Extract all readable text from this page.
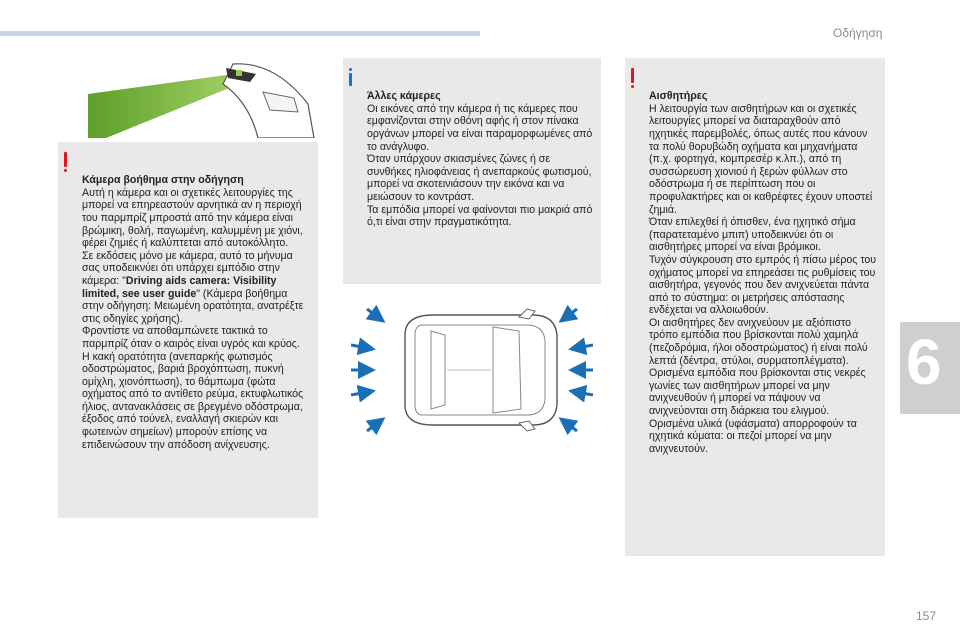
Οδήγηση
6
157

Κάμερα βοήθημα στην οδήγηση
Αυτή η κάμερα και οι σχετικές λειτουργίες της μπορεί να επηρεαστούν αρνητικά αν η περιοχή του παρμπρίζ μπροστά από την κάμερα είναι βρώμικη, θολή, παγωμένη, καλυμμένη με χιόνι, φέρει ζημιές ή καλύπτεται από αυτοκόλλητο.
Σε εκδόσεις μόνο με κάμερα, αυτό το μήνυμα σας υποδεικνύει ότι υπάρχει εμπόδιο στην κάμερα: "Driving aids camera: Visibility limited, see user guide" (Κάμερα βοήθημα στην οδήγηση: Μειωμένη ορατότητα, ανατρέξτε στις οδηγίες χρήσης).
Φροντίστε να αποθαμπώνετε τακτικά το παρμπρίζ όταν ο καιρός είναι υγρός και κρύος.
Η κακή ορατότητα (ανεπαρκής φωτισμός οδοστρώματος, βαριά βροχόπτωση, πυκνή ομίχλη, χιονόπτωση), το θάμπωμα (φώτα οχήματος από το αντίθετο ρεύμα, εκτυφλωτικός ήλιος, αντανακλάσεις σε βρεγμένο οδόστρωμα, έξοδος από τούνελ, εναλλαγή σκιερών και φωτεινών σημείων) μπορούν επίσης να επιδεινώσουν την απόδοση ανίχνευσης.

Άλλες κάμερες
Οι εικόνες από την κάμερα ή τις κάμερες που εμφανίζονται στην οθόνη αφής ή στον πίνακα οργάνων μπορεί να είναι παραμορφωμένες από το ανάγλυφο.
Όταν υπάρχουν σκιασμένες ζώνες ή σε συνθήκες ηλιοφάνειας ή ανεπαρκούς φωτισμού, μπορεί να σκοτεινιάσουν την εικόνα και να μειώσουν το κοντράστ.
Τα εμπόδια μπορεί να φαίνονται πιο μακριά από ό,τι είναι στην πραγματικότητα.

Αισθητήρες
Η λειτουργία των αισθητήρων και οι σχετικές λειτουργίες μπορεί να διαταραχθούν από ηχητικές παρεμβολές, όπως αυτές που κάνουν τα πολύ θορυβώδη οχήματα και μηχανήματα (π.χ. φορτηγά, κομπρεσέρ κ.λπ.), από τη συσσώρευση χιονιού ή ξερών φύλλων στο οδόστρωμα ή σε περίπτωση που οι προφυλακτήρες και οι καθρέφτες έχουν υποστεί ζημιά.
Όταν επιλεχθεί ή όπισθεν, ένα ηχητικό σήμα (παρατεταμένο μπιπ) υποδεικνύει ότι οι αισθητήρες μπορεί να είναι βρόμικοι.
Τυχόν σύγκρουση στο εμπρός ή πίσω μέρος του οχήματος μπορεί να επηρεάσει τις ρυθμίσεις του αισθητήρα, γεγονός που δεν ανιχνεύεται πάντα από το σύστημα: οι μετρήσεις απόστασης ενδέχεται να αλλοιωθούν.
Οι αισθητήρες δεν ανιχνεύουν με αξιόπιστο τρόπο εμπόδια που βρίσκονται πολύ χαμηλά (πεζοδρόμια, ήλοι οδοστρώματος) ή είναι πολύ λεπτά (δέντρα, στύλοι, συρματοπλέγματα).
Ορισμένα εμπόδια που βρίσκονται στις νεκρές γωνίες των αισθητήρων μπορεί να μην ανιχνευθούν ή μπορεί να πάψουν να ανιχνεύονται στη διάρκεια του ελιγμού.
Ορισμένα υλικά (υφάσματα) απορροφούν τα ηχητικά κύματα: οι πεζοί μπορεί να μην ανιχνευτούν.
